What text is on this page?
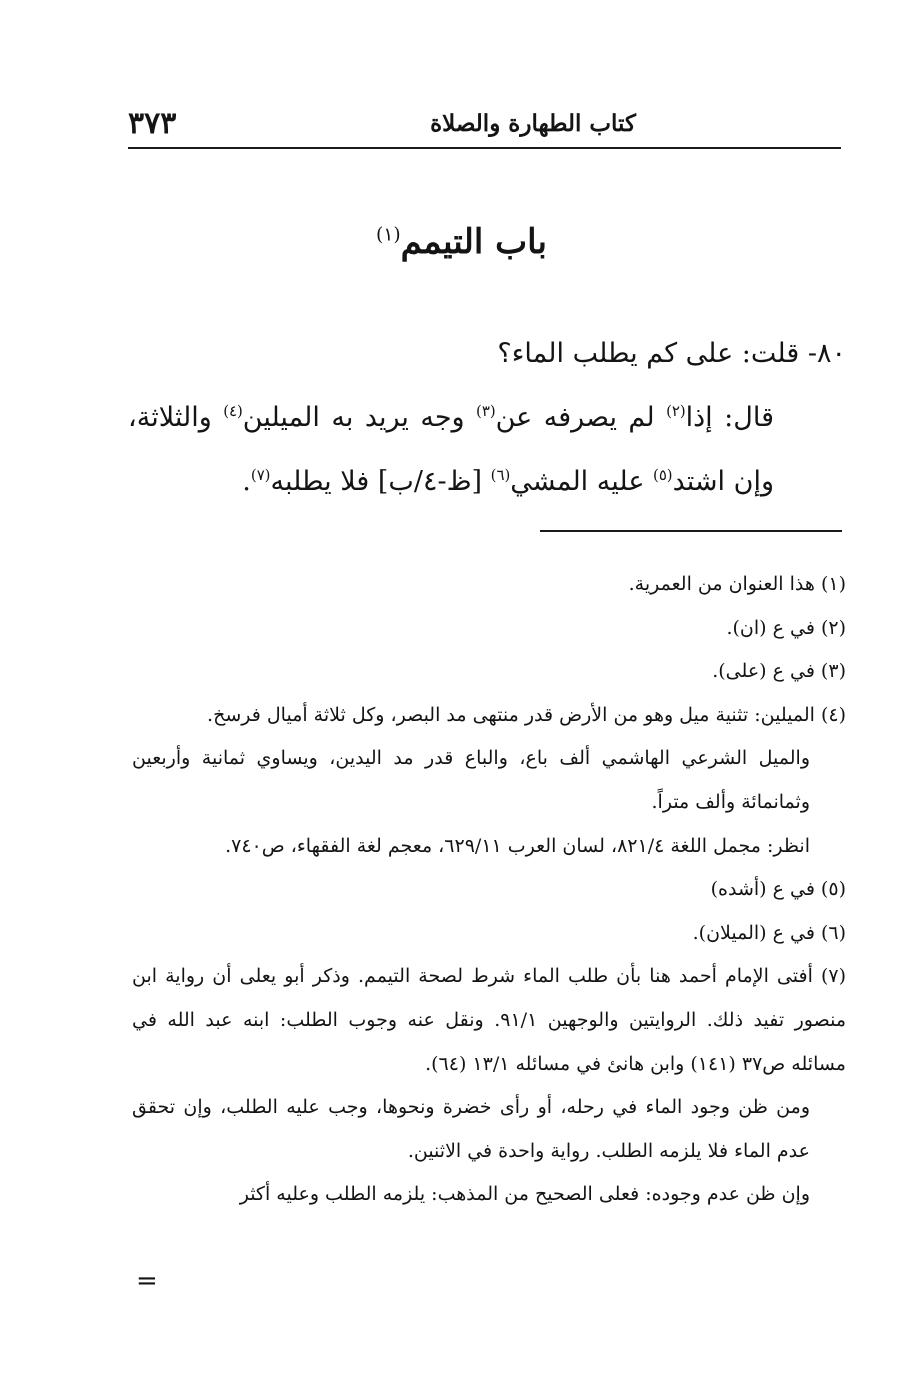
٣٧٣	كتاب الطهارة والصلاة
باب التيمم$^{(١)}$

٨٠- قلت: على كم يطلب الماء؟

قال: إذا$^{(٢)}$ لم يصرفه عن$^{(٣)}$ وجه يريد به الميلين$^{(٤)}$ والثلاثة، وإن اشتد$^{(٥)}$ عليه المشي$^{(٦)}$ [ظ-٤/ب] فلا يطلبه$^{(٧)}$.

(١) هذا العنوان من العمرية.

(٢) في ع (ان).

(٣) في ع (على).

(٤) الميلين: تثنية ميل وهو من الأرض قدر منتهى مد البصر، وكل ثلاثة أميال فرسخ.

والميل الشرعي الهاشمي ألف باع، والباع قدر مد اليدين، ويساوي ثمانية وأربعين وثمانمائة وألف متراً.

انظر: مجمل اللغة ٨٢١/٤، لسان العرب ٦٢٩/١١، معجم لغة الفقهاء، ص٧٤٠.

(٥) في ع (أشده)

(٦) في ع (الميلان).

(٧) أفتى الإمام أحمد هنا بأن طلب الماء شرط لصحة التيمم. وذكر أبو يعلى أن رواية ابن منصور تفيد ذلك. الروايتين والوجهين ٩١/١. ونقل عنه وجوب الطلب: ابنه عبد الله في مسائله ص٣٧ (١٤١) وابن هانئ في مسائله ١٣/١ (٦٤).

ومن ظن وجود الماء في رحله، أو رأى خضرة ونحوها، وجب عليه الطلب، وإن تحقق عدم الماء فلا يلزمه الطلب. رواية واحدة في الاثنين.

وإن ظن عدم وجوده: فعلى الصحيح من المذهب: يلزمه الطلب وعليه أكثر

=
